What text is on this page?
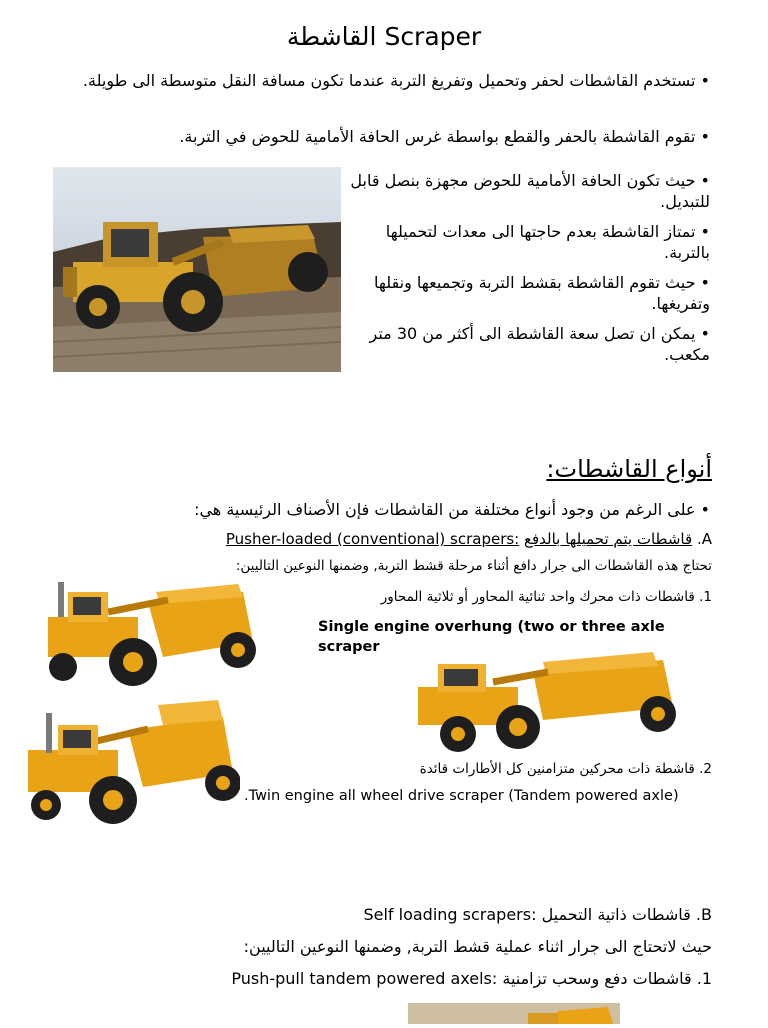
القاشطة Scraper
• تستخدم القاشطات لحفر وتحميل وتفريغ التربة عندما تكون مسافة النقل متوسطة الى طويلة.
• تقوم القاشطة بالحفر والقطع بواسطة غرس الحافة الأمامية للحوض في التربة.
• حيث تكون الحافة الأمامية للحوض مجهزة بنصل قابل للتبديل.
• تمتاز القاشطة بعدم حاجتها الى معدات لتحميلها بالتربة.
• حيث تقوم القاشطة بقشط التربة وتجميعها ونقلها وتفريغها.
• يمكن ان تصل سعة القاشطة الى أكثر من 30 متر مكعب.
أنواع القاشطات:
• على الرغم من وجود أنواع مختلفة من القاشطات فإن الأصناف الرئيسية هي:
A. قاشطات يتم تحميلها بالدفع Pusher-loaded (conventional) scrapers:
تحتاج هذه القاشطات الى جرار دافع أثناء مرحلة قشط التربة, وضمنها النوعين التاليين:
1. قاشطات ذات محرك واحد ثنائية المحاور أو ثلاثية المحاور
Single engine overhung (two or three axle scraper
2. قاشطة ذات محركين متزامنين كل الأطارات قائدة
.Twin engine all wheel drive scraper (Tandem powered axle)
B. قاشطات ذاتية التحميل Self loading scrapers:
حيث لاتحتاج الى جرار اثناء عملية قشط التربة, وضمنها النوعين التاليين:
1. قاشطات دفع وسحب تزامنية Push-pull tandem powered axels:
